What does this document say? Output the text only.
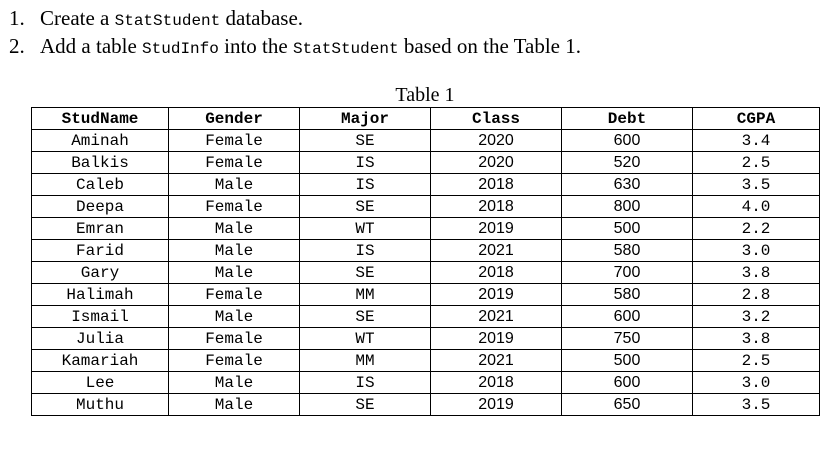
1. Create a StatStudent database.
2. Add a table StudInfo into the StatStudent based on the Table 1.
Table 1
StudName	Gender	Major	Class	Debt	CGPA
Aminah	Female	SE	2020	600	3.4
Balkis	Female	IS	2020	520	2.5
Caleb	Male	IS	2018	630	3.5
Deepa	Female	SE	2018	800	4.0
Emran	Male	WT	2019	500	2.2
Farid	Male	IS	2021	580	3.0
Gary	Male	SE	2018	700	3.8
Halimah	Female	MM	2019	580	2.8
Ismail	Male	SE	2021	600	3.2
Julia	Female	WT	2019	750	3.8
Kamariah	Female	MM	2021	500	2.5
Lee	Male	IS	2018	600	3.0
Muthu	Male	SE	2019	650	3.5
